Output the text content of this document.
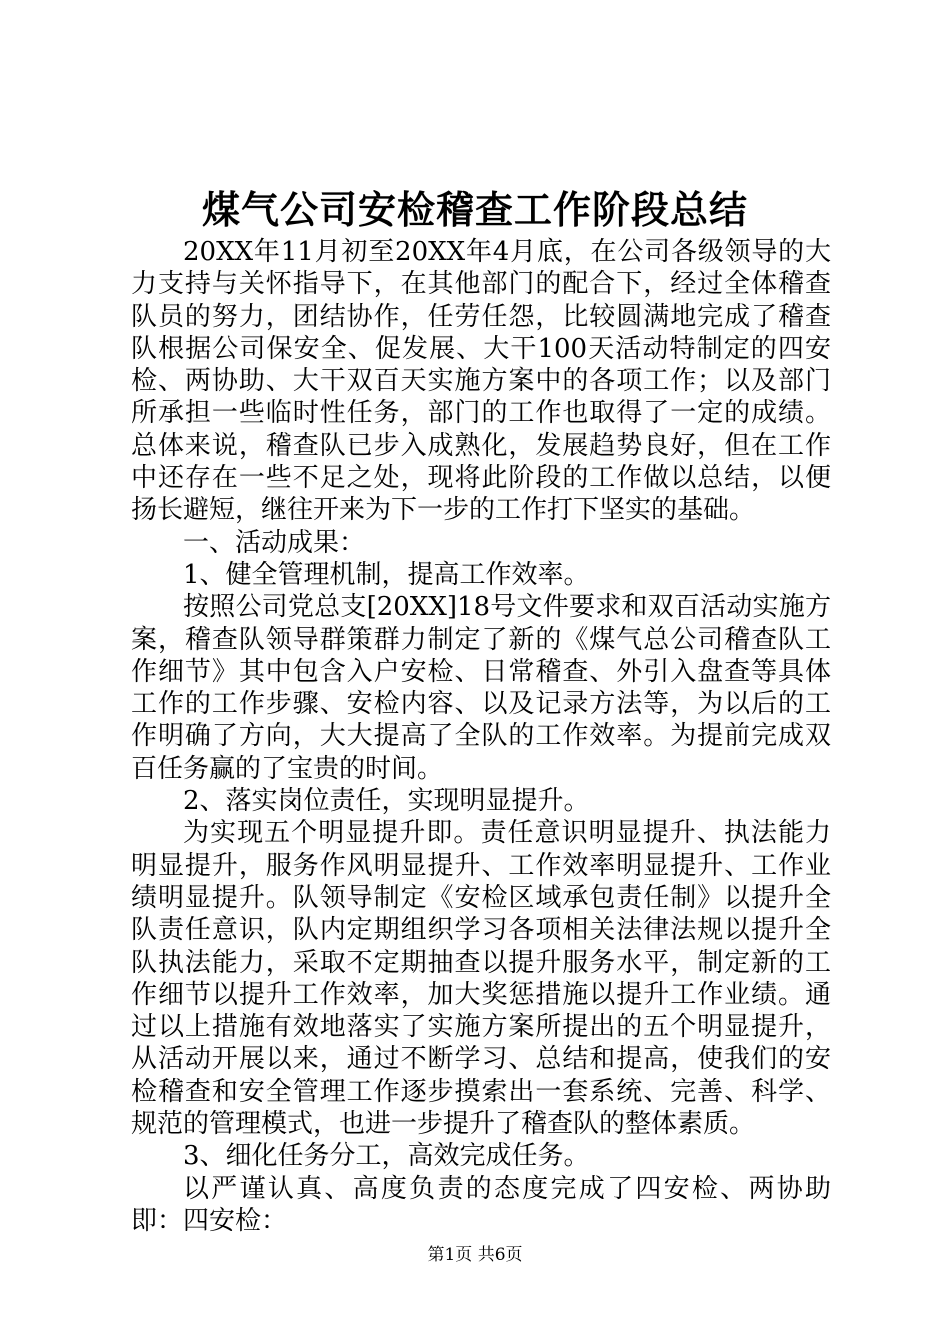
煤气公司安检稽查工作阶段总结

20XX年11月初至20XX年4月底，在公司各级领导的大力支持与关怀指导下，在其他部门的配合下，经过全体稽查队员的努力，团结协作，任劳任怨，比较圆满地完成了稽查队根据公司保安全、促发展、大干100天活动特制定的四安检、两协助、大干双百天实施方案中的各项工作；以及部门所承担一些临时性任务，部门的工作也取得了一定的成绩。总体来说，稽查队已步入成熟化，发展趋势良好，但在工作中还存在一些不足之处，现将此阶段的工作做以总结，以便扬长避短，继往开来为下一步的工作打下坚实的基础。

一、活动成果：

1、健全管理机制，提高工作效率。

按照公司党总支[20XX]18号文件要求和双百活动实施方案，稽查队领导群策群力制定了新的《煤气总公司稽查队工作细节》其中包含入户安检、日常稽查、外引入盘查等具体工作的工作步骤、安检内容、以及记录方法等，为以后的工作明确了方向，大大提高了全队的工作效率。为提前完成双百任务赢的了宝贵的时间。

2、落实岗位责任，实现明显提升。

为实现五个明显提升即。责任意识明显提升、执法能力明显提升，服务作风明显提升、工作效率明显提升、工作业绩明显提升。队领导制定《安检区域承包责任制》以提升全队责任意识，队内定期组织学习各项相关法律法规以提升全队执法能力，采取不定期抽查以提升服务水平，制定新的工作细节以提升工作效率，加大奖惩措施以提升工作业绩。通过以上措施有效地落实了实施方案所提出的五个明显提升，从活动开展以来，通过不断学习、总结和提高，使我们的安检稽查和安全管理工作逐步摸索出一套系统、完善、科学、规范的管理模式，也进一步提升了稽查队的整体素质。

3、细化任务分工，高效完成任务。

以严谨认真、高度负责的态度完成了四安检、两协助即：四安检：

第1页 共6页
